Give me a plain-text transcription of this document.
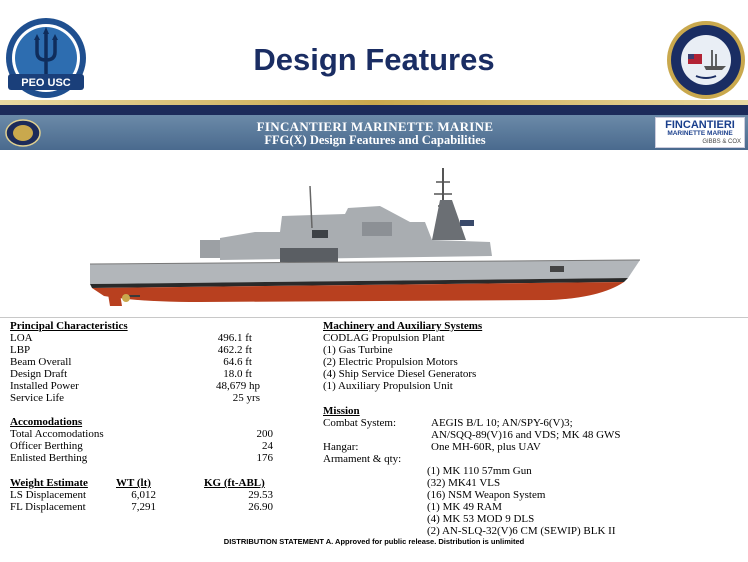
PEO USC
Design Features
FINCANTIERI MARINETTE MARINE
FFG(X) Design Features and Capabilities
FINCANTIERI
MARINETTE MARINE
GIBBS & COX
Principal Characteristics
LOA	496.1 ft
LBP	462.2 ft
Beam Overall	64.6 ft
Design Draft	18.0 ft
Installed Power	48,679 hp
Service Life	25 yrs
Accomodations
Total Accomodations	200
Officer Berthing	24
Enlisted Berthing	176
Weight Estimate	WT (lt)	KG (ft-ABL)
LS Displacement	6,012	29.53
FL Displacement	7,291	26.90
Machinery and Auxiliary Systems
CODLAG Propulsion Plant
(1) Gas Turbine
(2) Electric Propulsion Motors
(4) Ship Service Diesel Generators
(1) Auxiliary Propulsion Unit
Mission
Combat System:	AEGIS B/L 10; AN/SPY-6(V)3;
AN/SQQ-89(V)16 and VDS; MK 48 GWS
Hangar:	One MH-60R, plus UAV
Armament & qty:
(1) MK 110 57mm Gun
(32) MK41 VLS
(16) NSM Weapon System
(1) MK 49 RAM
(4) MK 53 MOD 9 DLS
(2) AN-SLQ-32(V)6 CM (SEWIP) BLK II
DISTRIBUTION STATEMENT A. Approved for public release. Distribution is unlimited
